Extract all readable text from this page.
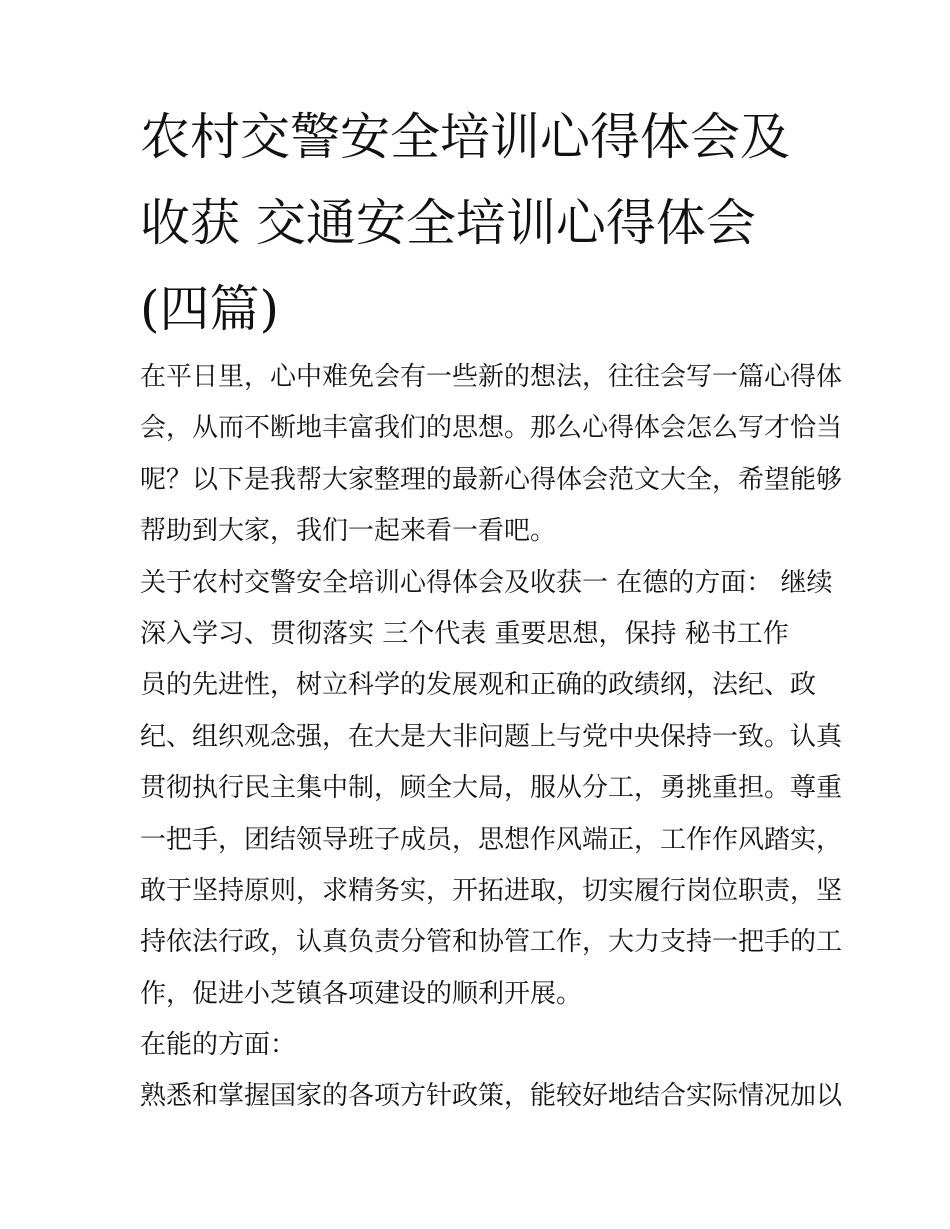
农村交警安全培训心得体会及
收获 交通安全培训心得体会
(四篇)
在平日里，心中难免会有一些新的想法，往往会写一篇心得体
会，从而不断地丰富我们的思想。那么心得体会怎么写才恰当
呢？以下是我帮大家整理的最新心得体会范文大全，希望能够
帮助到大家，我们一起来看一看吧。
关于农村交警安全培训心得体会及收获一 在德的方面： 继续
深入学习、贯彻落实 三个代表 重要思想，保持 秘书工作
员的先进性，树立科学的发展观和正确的政绩纲，法纪、政
纪、组织观念强，在大是大非问题上与党中央保持一致。认真
贯彻执行民主集中制，顾全大局，服从分工，勇挑重担。尊重
一把手，团结领导班子成员，思想作风端正，工作作风踏实，
敢于坚持原则，求精务实，开拓进取，切实履行岗位职责，坚
持依法行政，认真负责分管和协管工作，大力支持一把手的工
作，促进小芝镇各项建设的顺利开展。
在能的方面：
熟悉和掌握国家的各项方针政策，能较好地结合实际情况加以
